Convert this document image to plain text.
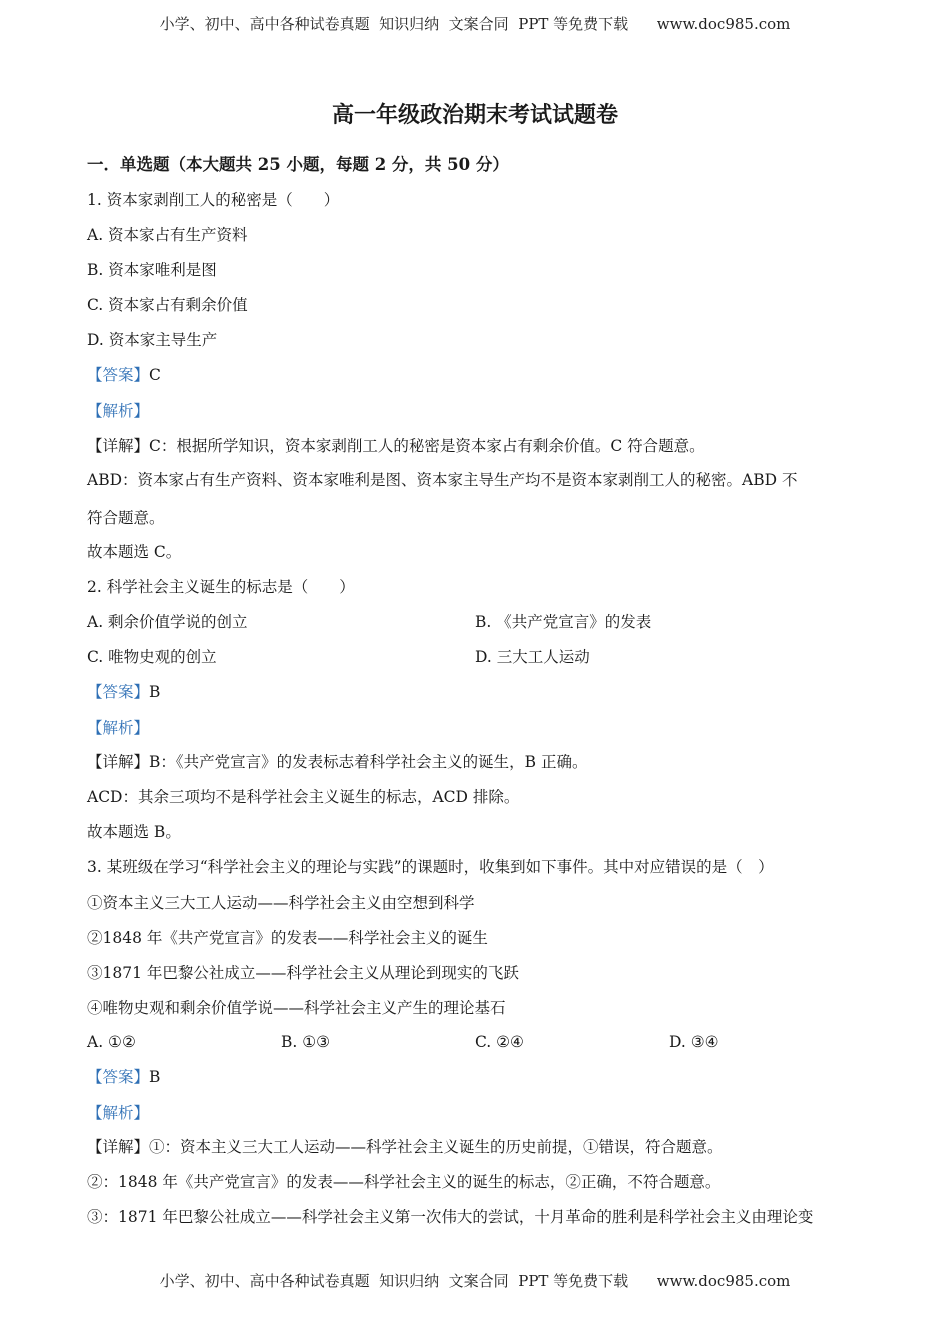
小学、初中、高中各种试卷真题  知识归纳  文案合同  PPT 等免费下载      www.doc985.com
高一年级政治期末考试试题卷
一．单选题（本大题共 25 小题，每题 2 分，共 50 分）
1. 资本家剥削工人的秘密是（　　）
A. 资本家占有生产资料
B. 资本家唯利是图
C. 资本家占有剩余价值
D. 资本家主导生产
【答案】C
【解析】
【详解】C：根据所学知识，资本家剥削工人的秘密是资本家占有剩余价值。C 符合题意。
ABD：资本家占有生产资料、资本家唯利是图、资本家主导生产均不是资本家剥削工人的秘密。ABD 不
符合题意。
故本题选 C。
2. 科学社会主义诞生的标志是（　　）
A. 剩余价值学说的创立	B. 《共产党宣言》的发表
C. 唯物史观的创立	D. 三大工人运动
【答案】B
【解析】
【详解】B：《共产党宣言》的发表标志着科学社会主义的诞生，B 正确。
ACD：其余三项均不是科学社会主义诞生的标志，ACD 排除。
故本题选 B。
3. 某班级在学习“科学社会主义的理论与实践”的课题时，收集到如下事件。其中对应错误的是（　）
①资本主义三大工人运动——科学社会主义由空想到科学
②1848 年《共产党宣言》的发表——科学社会主义的诞生
③1871 年巴黎公社成立——科学社会主义从理论到现实的飞跃
④唯物史观和剩余价值学说——科学社会主义产生的理论基石
A. ①②	B. ①③	C. ②④	D. ③④
【答案】B
【解析】
【详解】①：资本主义三大工人运动——科学社会主义诞生的历史前提，①错误，符合题意。
②：1848 年《共产党宣言》的发表——科学社会主义的诞生的标志，②正确，不符合题意。
③：1871 年巴黎公社成立——科学社会主义第一次伟大的尝试，十月革命的胜利是科学社会主义由理论变
小学、初中、高中各种试卷真题  知识归纳  文案合同  PPT 等免费下载      www.doc985.com
